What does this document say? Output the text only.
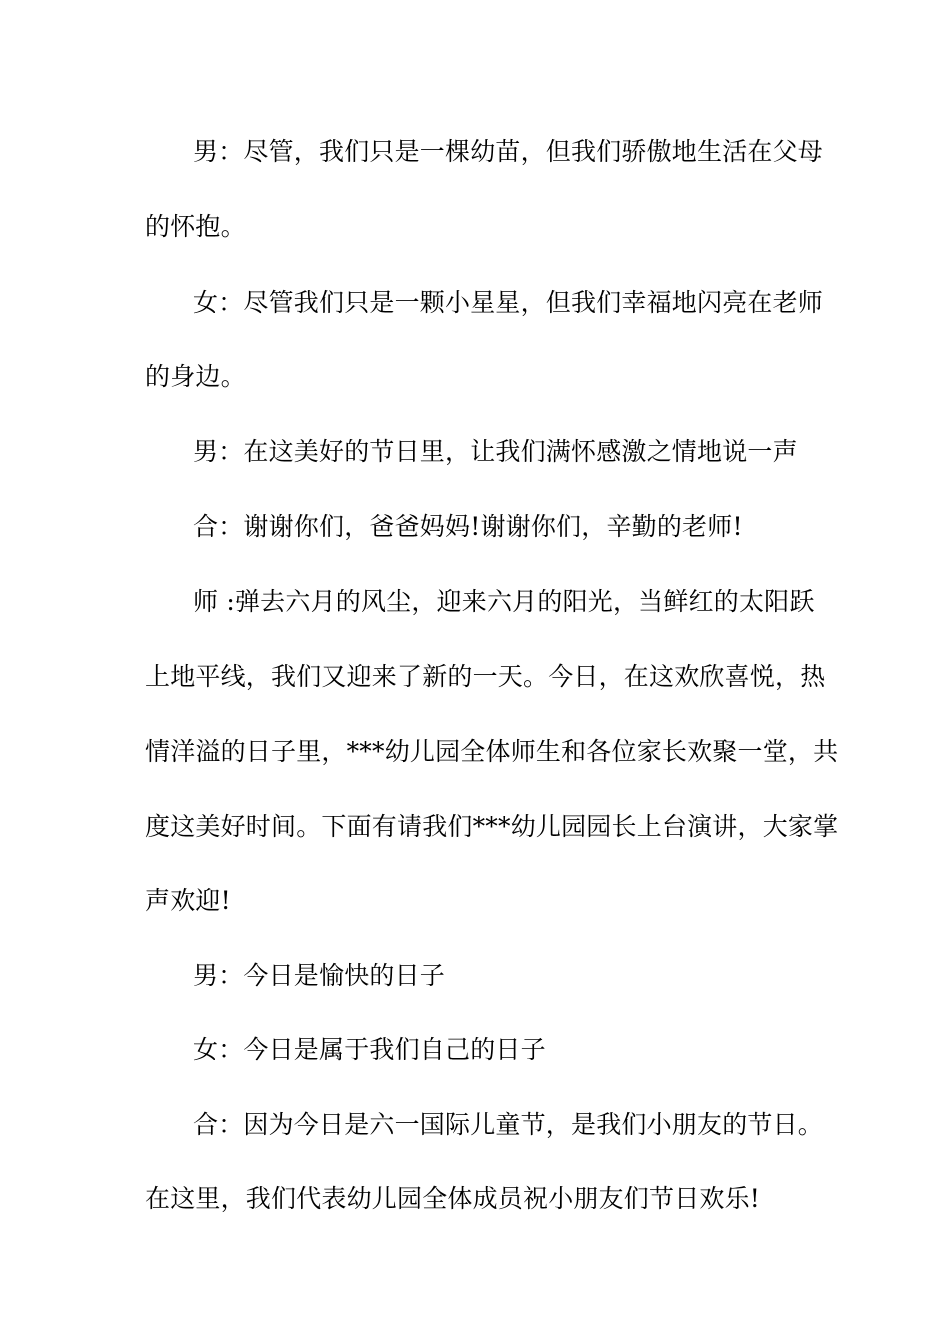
男：尽管，我们只是一棵幼苗，但我们骄傲地生活在父母
的怀抱。
女：尽管我们只是一颗小星星，但我们幸福地闪亮在老师
的身边。
男：在这美好的节日里，让我们满怀感激之情地说一声
合：谢谢你们，爸爸妈妈!谢谢你们，辛勤的老师!
师 :弹去六月的风尘，迎来六月的阳光，当鲜红的太阳跃
上地平线，我们又迎来了新的一天。今日，在这欢欣喜悦，热
情洋溢的日子里，***幼儿园全体师生和各位家长欢聚一堂，共
度这美好时间。下面有请我们***幼儿园园长上台演讲，大家掌
声欢迎!
男：今日是愉快的日子
女：今日是属于我们自己的日子
合：因为今日是六一国际儿童节，是我们小朋友的节日。
在这里，我们代表幼儿园全体成员祝小朋友们节日欢乐!
